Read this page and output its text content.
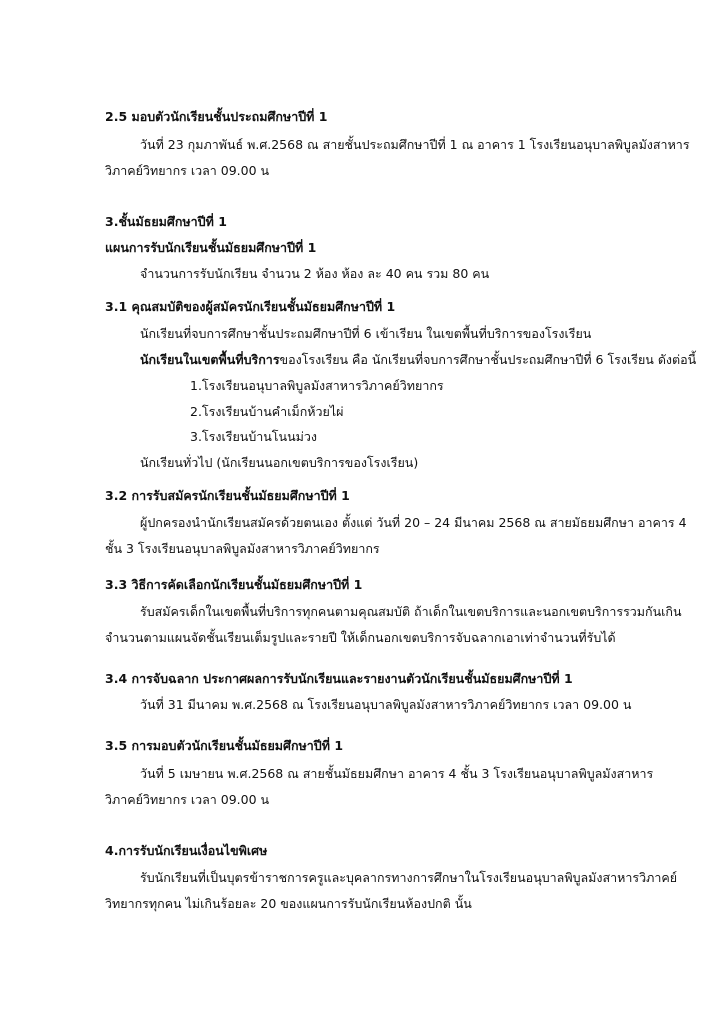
2.5 มอบตัวนักเรียนชั้นประถมศึกษาปีที่ 1
วันที่ 23 กุมภาพันธ์ พ.ศ.2568 ณ สายชั้นประถมศึกษาปีที่ 1 ณ อาคาร 1 โรงเรียนอนุบาลพิบูลมังสาหาร
วิภาคย์วิทยากร เวลา 09.00 น
3.ชั้นมัธยมศึกษาปีที่ 1
แผนการรับนักเรียนชั้นมัธยมศึกษาปีที่ 1
จำนวนการรับนักเรียน จำนวน 2 ห้อง ห้อง ละ 40 คน รวม 80 คน
3.1 คุณสมบัติของผู้สมัครนักเรียนชั้นมัธยมศึกษาปีที่ 1
นักเรียนที่จบการศึกษาชั้นประถมศึกษาปีที่ 6 เข้าเรียน ในเขตพื้นที่บริการของโรงเรียน
นักเรียนในเขตพื้นที่บริการของโรงเรียน คือ นักเรียนที่จบการศึกษาชั้นประถมศึกษาปีที่ 6 โรงเรียน ดังต่อนี้
1.โรงเรียนอนุบาลพิบูลมังสาหารวิภาคย์วิทยากร
2.โรงเรียนบ้านคำเม็กห้วยไผ่
3.โรงเรียนบ้านโนนม่วง
นักเรียนทั่วไป (นักเรียนนอกเขตบริการของโรงเรียน)
3.2 การรับสมัครนักเรียนชั้นมัธยมศึกษาปีที่ 1
ผู้ปกครองนำนักเรียนสมัครด้วยตนเอง ตั้งแต่ วันที่ 20 – 24 มีนาคม 2568 ณ สายมัธยมศึกษา อาคาร 4
ชั้น 3 โรงเรียนอนุบาลพิบูลมังสาหารวิภาคย์วิทยากร
3.3 วิธีการคัดเลือกนักเรียนชั้นมัธยมศึกษาปีที่ 1
รับสมัครเด็กในเขตพื้นที่บริการทุกคนตามคุณสมบัติ ถ้าเด็กในเขตบริการและนอกเขตบริการรวมกันเกิน
จำนวนตามแผนจัดชั้นเรียนเต็มรูปและรายปี ให้เด็กนอกเขตบริการจับฉลากเอาเท่าจำนวนที่รับได้
3.4 การจับฉลาก ประกาศผลการรับนักเรียนและรายงานตัวนักเรียนชั้นมัธยมศึกษาปีที่ 1
วันที่ 31 มีนาคม พ.ศ.2568 ณ โรงเรียนอนุบาลพิบูลมังสาหารวิภาคย์วิทยากร เวลา 09.00 น
3.5 การมอบตัวนักเรียนชั้นมัธยมศึกษาปีที่ 1
วันที่ 5 เมษายน พ.ศ.2568 ณ สายชั้นมัธยมศึกษา อาคาร 4 ชั้น 3 โรงเรียนอนุบาลพิบูลมังสาหาร
วิภาคย์วิทยากร เวลา 09.00 น
4.การรับนักเรียนเงื่อนไขพิเศษ
รับนักเรียนที่เป็นบุตรข้าราชการครูและบุคลากรทางการศึกษาในโรงเรียนอนุบาลพิบูลมังสาหารวิภาคย์
วิทยากรทุกคน ไม่เกินร้อยละ 20 ของแผนการรับนักเรียนห้องปกติ นั้น
